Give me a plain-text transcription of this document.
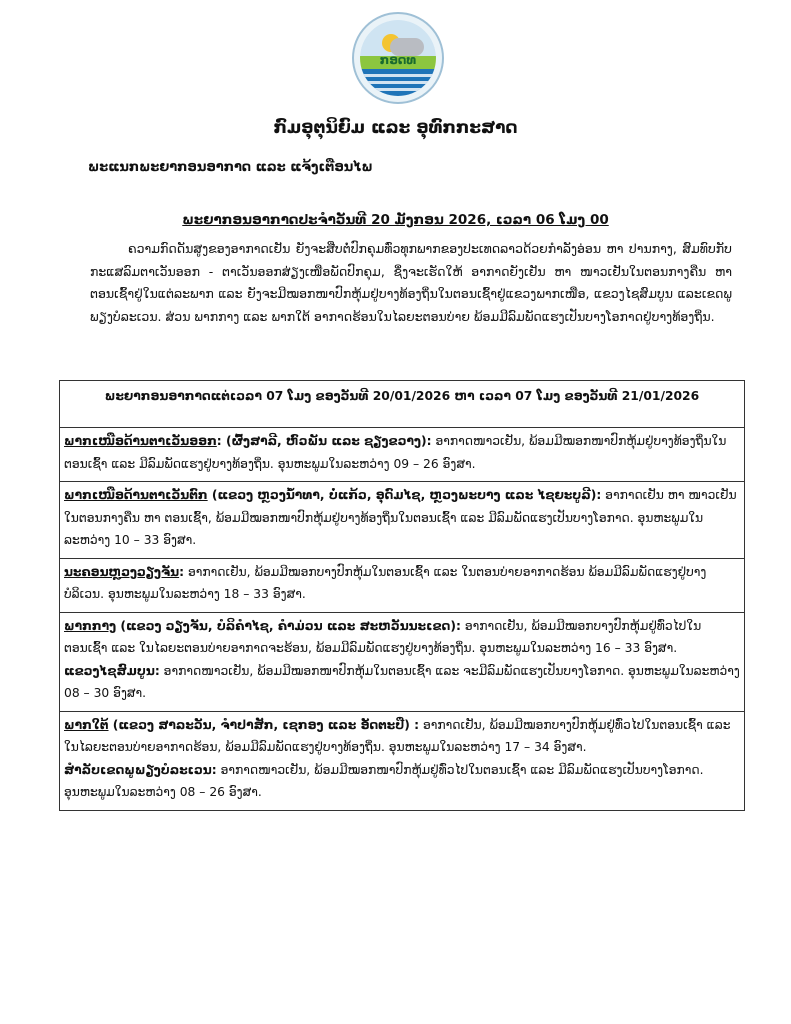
ກອດທ
ກົມອຸຕຸນິຍົມ ແລະ ອຸທົກກະສາດ
ພະແນກພະຍາກອນອາກາດ ແລະ ແຈ້ງເຕືອນໄພ
ພະຍາກອນອາກາດປະຈໍາວັນທີ 20 ມັງກອນ 2026, ເວລາ 06 ໂມງ 00
ຄວາມກົດດັນສູງຂອງອາກາດເຢັນ ຍັງຈະສືບຕໍ່ປົກຄຸມທົ່ວທຸກພາກຂອງປະເທດລາວດ້ວຍກໍາລັງອ່ອນ ຫາ ປານກາງ, ສົມທົບກັບກະແສລົມຕາເວັນອອກ - ຕາເວັນອອກສ່ຽງເໜືອພັດປົກຄຸມ, ຊຶ່ງຈະເຮັດໃຫ້ ອາກາດຍັງເຢັນ ຫາ ໜາວເຢັນໃນຕອນກາງຄືນ ຫາ ຕອນເຊົ້າຢູ່ໃນແຕ່ລະພາກ ແລະ ຍັງຈະມີໝອກໜາປົກຫຸ້ມຢູ່ບາງທ້ອງຖິ່ນໃນຕອນເຊົ້າຢູ່ແຂວງພາກເໜືອ, ແຂວງໄຊສົມບູນ ແລະເຂດພູພຽງບໍລະເວນ. ສ່ວນ ພາກກາງ ແລະ ພາກໃຕ້ ອາກາດຮ້ອນໃນໄລຍະຕອນບ່າຍ ພ້ອມມີລົມພັດແຮງເປັນບາງໂອກາດຢູ່ບາງທ້ອງຖິ່ນ.
ພະຍາກອນອາກາດແຕ່ເວລາ 07 ໂມງ ຂອງວັນທີ 20/01/2026 ຫາ ເວລາ 07 ໂມງ ຂອງວັນທີ 21/01/2026
ພາກເໜືອດ້ານຕາເວັນອອກ: (ຜົ້ງສາລີ, ຫົວພັນ ແລະ ຊຽງຂວາງ): ອາກາດໜາວເຢັນ, ພ້ອມມີໝອກໜາປົກຫຸ້ມຢູ່ບາງທ້ອງຖິ່ນໃນຕອນເຊົ້າ ແລະ ມີລົມພັດແຮງຢູ່ບາງທ້ອງຖິ່ນ. ອຸນຫະພູມໃນລະຫວ່າງ 09 – 26 ອົງສາ.
ພາກເໜືອດ້ານຕາເວັນຕົກ (ແຂວງ ຫຼວງນໍ້າທາ, ບໍ່ແກ້ວ, ອຸດົມໄຊ, ຫຼວງພະບາງ ແລະ ໄຊຍະບູລີ): ອາກາດເຢັນ ຫາ ໜາວເຢັນໃນຕອນກາງຄືນ ຫາ ຕອນເຊົ້າ, ພ້ອມມີໝອກໜາປົກຫຸ້ມຢູ່ບາງທ້ອງຖິ່ນໃນຕອນເຊົ້າ ແລະ ມີລົມພັດແຮງເປັນບາງໂອກາດ. ອຸນຫະພູມໃນລະຫວ່າງ 10 – 33 ອົງສາ.
ນະຄອນຫຼວງວຽງຈັນ: ອາກາດເຢັນ, ພ້ອມມີໝອກບາງປົກຫຸ້ມໃນຕອນເຊົ້າ ແລະ ໃນຕອນບ່າຍອາກາດຮ້ອນ ພ້ອມມີລົມພັດແຮງຢູ່ບາງບໍລິເວນ. ອຸນຫະພູມໃນລະຫວ່າງ 18 – 33 ອົງສາ.
ພາກກາງ (ແຂວງ ວຽງຈັນ, ບໍລິຄໍາໄຊ, ຄໍາມ່ວນ ແລະ ສະຫວັນນະເຂດ): ອາກາດເຢັນ, ພ້ອມມີໝອກບາງປົກຫຸ້ມຢູ່ທົ່ວໄປໃນຕອນເຊົ້າ ແລະ ໃນໄລຍະຕອນບ່າຍອາກາດຈະຮ້ອນ, ພ້ອມມີລົມພັດແຮງຢູ່ບາງທ້ອງຖິ່ນ. ອຸນຫະພູມໃນລະຫວ່າງ 16 – 33 ອົງສາ.
ແຂວງໄຊສົມບູນ: ອາກາດໜາວເຢັນ, ພ້ອມມີໝອກໜາປົກຫຸ້ມໃນຕອນເຊົ້າ ແລະ ຈະມີລົມພັດແຮງເປັນບາງໂອກາດ. ອຸນຫະພູມໃນລະຫວ່າງ 08 – 30 ອົງສາ.
ພາກໃຕ້ (ແຂວງ ສາລະວັນ, ຈໍາປາສັກ, ເຊກອງ ແລະ ອັດຕະປື) : ອາກາດເຢັນ, ພ້ອມມີໝອກບາງປົກຫຸ້ມຢູ່ທົ່ວໄປໃນຕອນເຊົ້າ ແລະ ໃນໄລຍະຕອນບ່າຍອາກາດຮ້ອນ, ພ້ອມມີລົມພັດແຮງຢູ່ບາງທ້ອງຖິ່ນ. ອຸນຫະພູມໃນລະຫວ່າງ 17 – 34 ອົງສາ.
ສໍາລັບເຂດພູພຽງບໍລະເວນ: ອາກາດໜາວເຢັນ, ພ້ອມມີໝອກໜາປົກຫຸ້ມຢູ່ທົ່ວໄປໃນຕອນເຊົ້າ ແລະ ມີລົມພັດແຮງເປັນບາງໂອກາດ. ອຸນຫະພູມໃນລະຫວ່າງ 08 – 26 ອົງສາ.
